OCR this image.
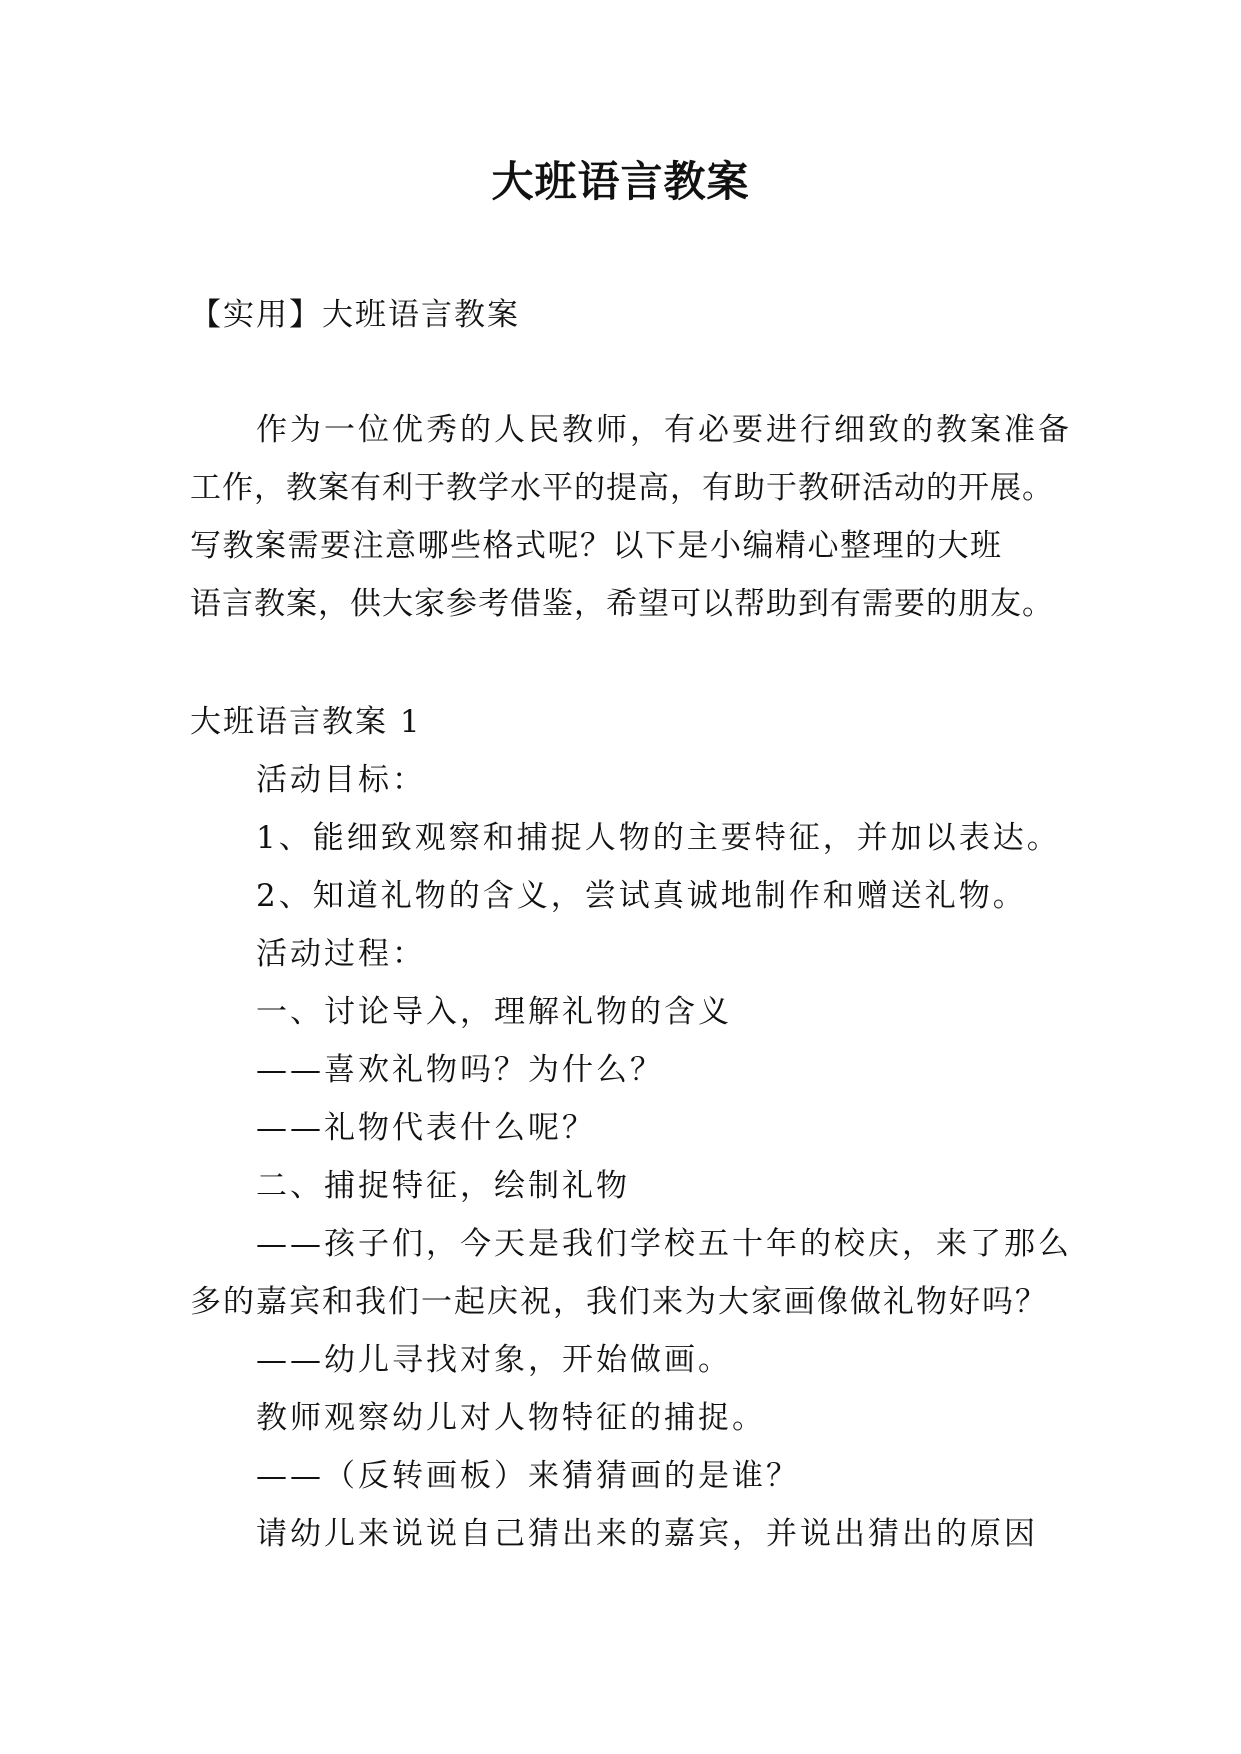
大班语言教案
【实用】大班语言教案
作为一位优秀的人民教师，有必要进行细致的教案准备
工作，教案有利于教学水平的提高，有助于教研活动的开展。
写教案需要注意哪些格式呢？以下是小编精心整理的大班
语言教案，供大家参考借鉴，希望可以帮助到有需要的朋友。
大班语言教案 1
活动目标：
1、能细致观察和捕捉人物的主要特征，并加以表达。
2、知道礼物的含义，尝试真诚地制作和赠送礼物。
活动过程：
一、讨论导入，理解礼物的含义
——喜欢礼物吗？为什么？
——礼物代表什么呢？
二、捕捉特征，绘制礼物
——孩子们，今天是我们学校五十年的校庆，来了那么
多的嘉宾和我们一起庆祝，我们来为大家画像做礼物好吗？
——幼儿寻找对象，开始做画。
教师观察幼儿对人物特征的捕捉。
——（反转画板）来猜猜画的是谁？
请幼儿来说说自己猜出来的嘉宾，并说出猜出的原因
